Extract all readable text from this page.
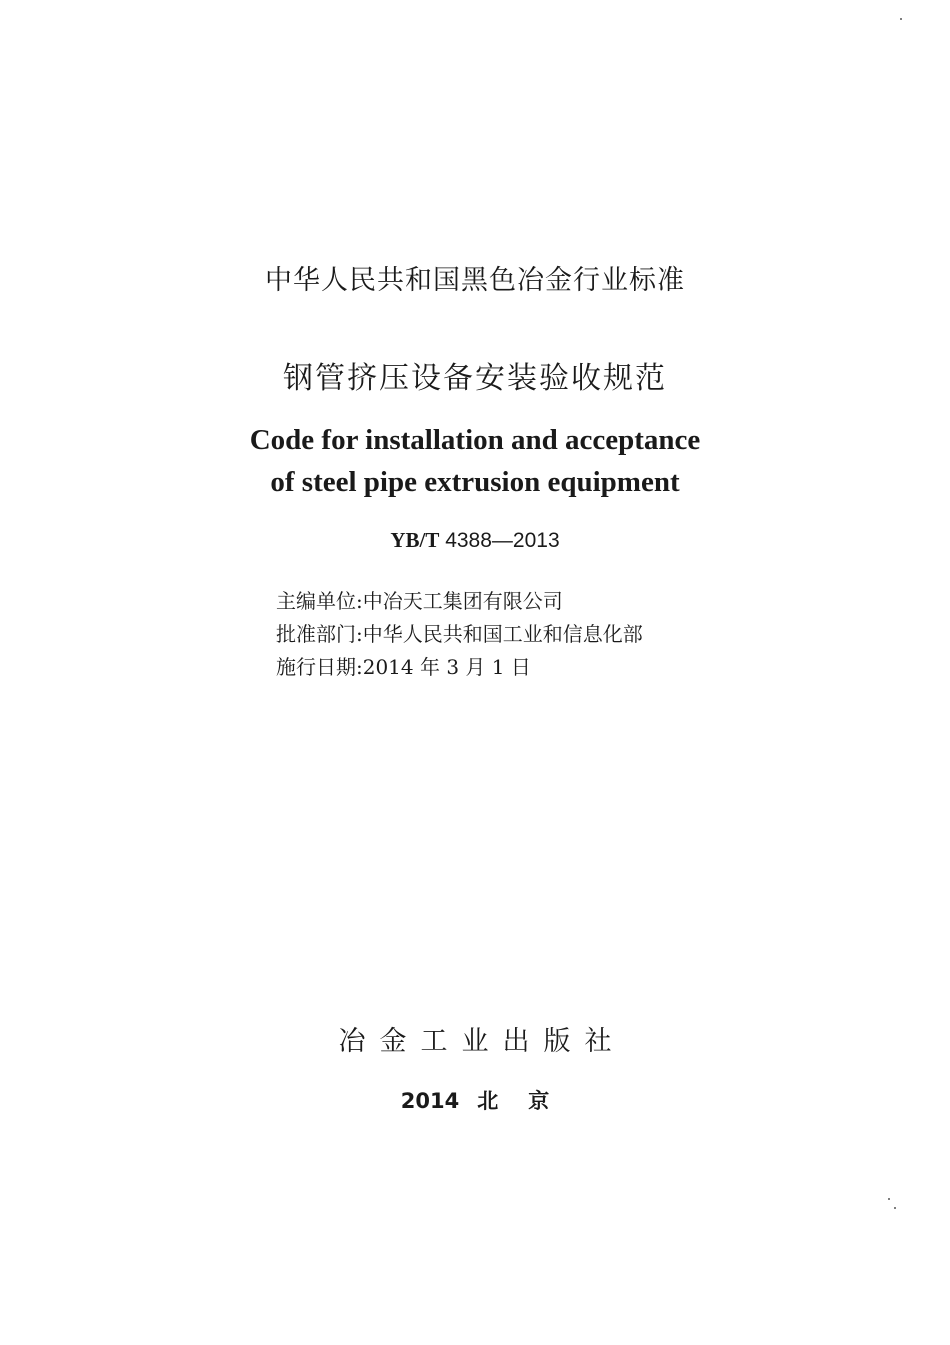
中华人民共和国黑色冶金行业标准
钢管挤压设备安装验收规范
Code for installation and acceptance
of steel pipe extrusion equipment
YB/T 4388—2013
主编单位:中冶天工集团有限公司
批准部门:中华人民共和国工业和信息化部
施行日期:2014 年 3 月 1 日
冶金工业出版社
2014 北 京
